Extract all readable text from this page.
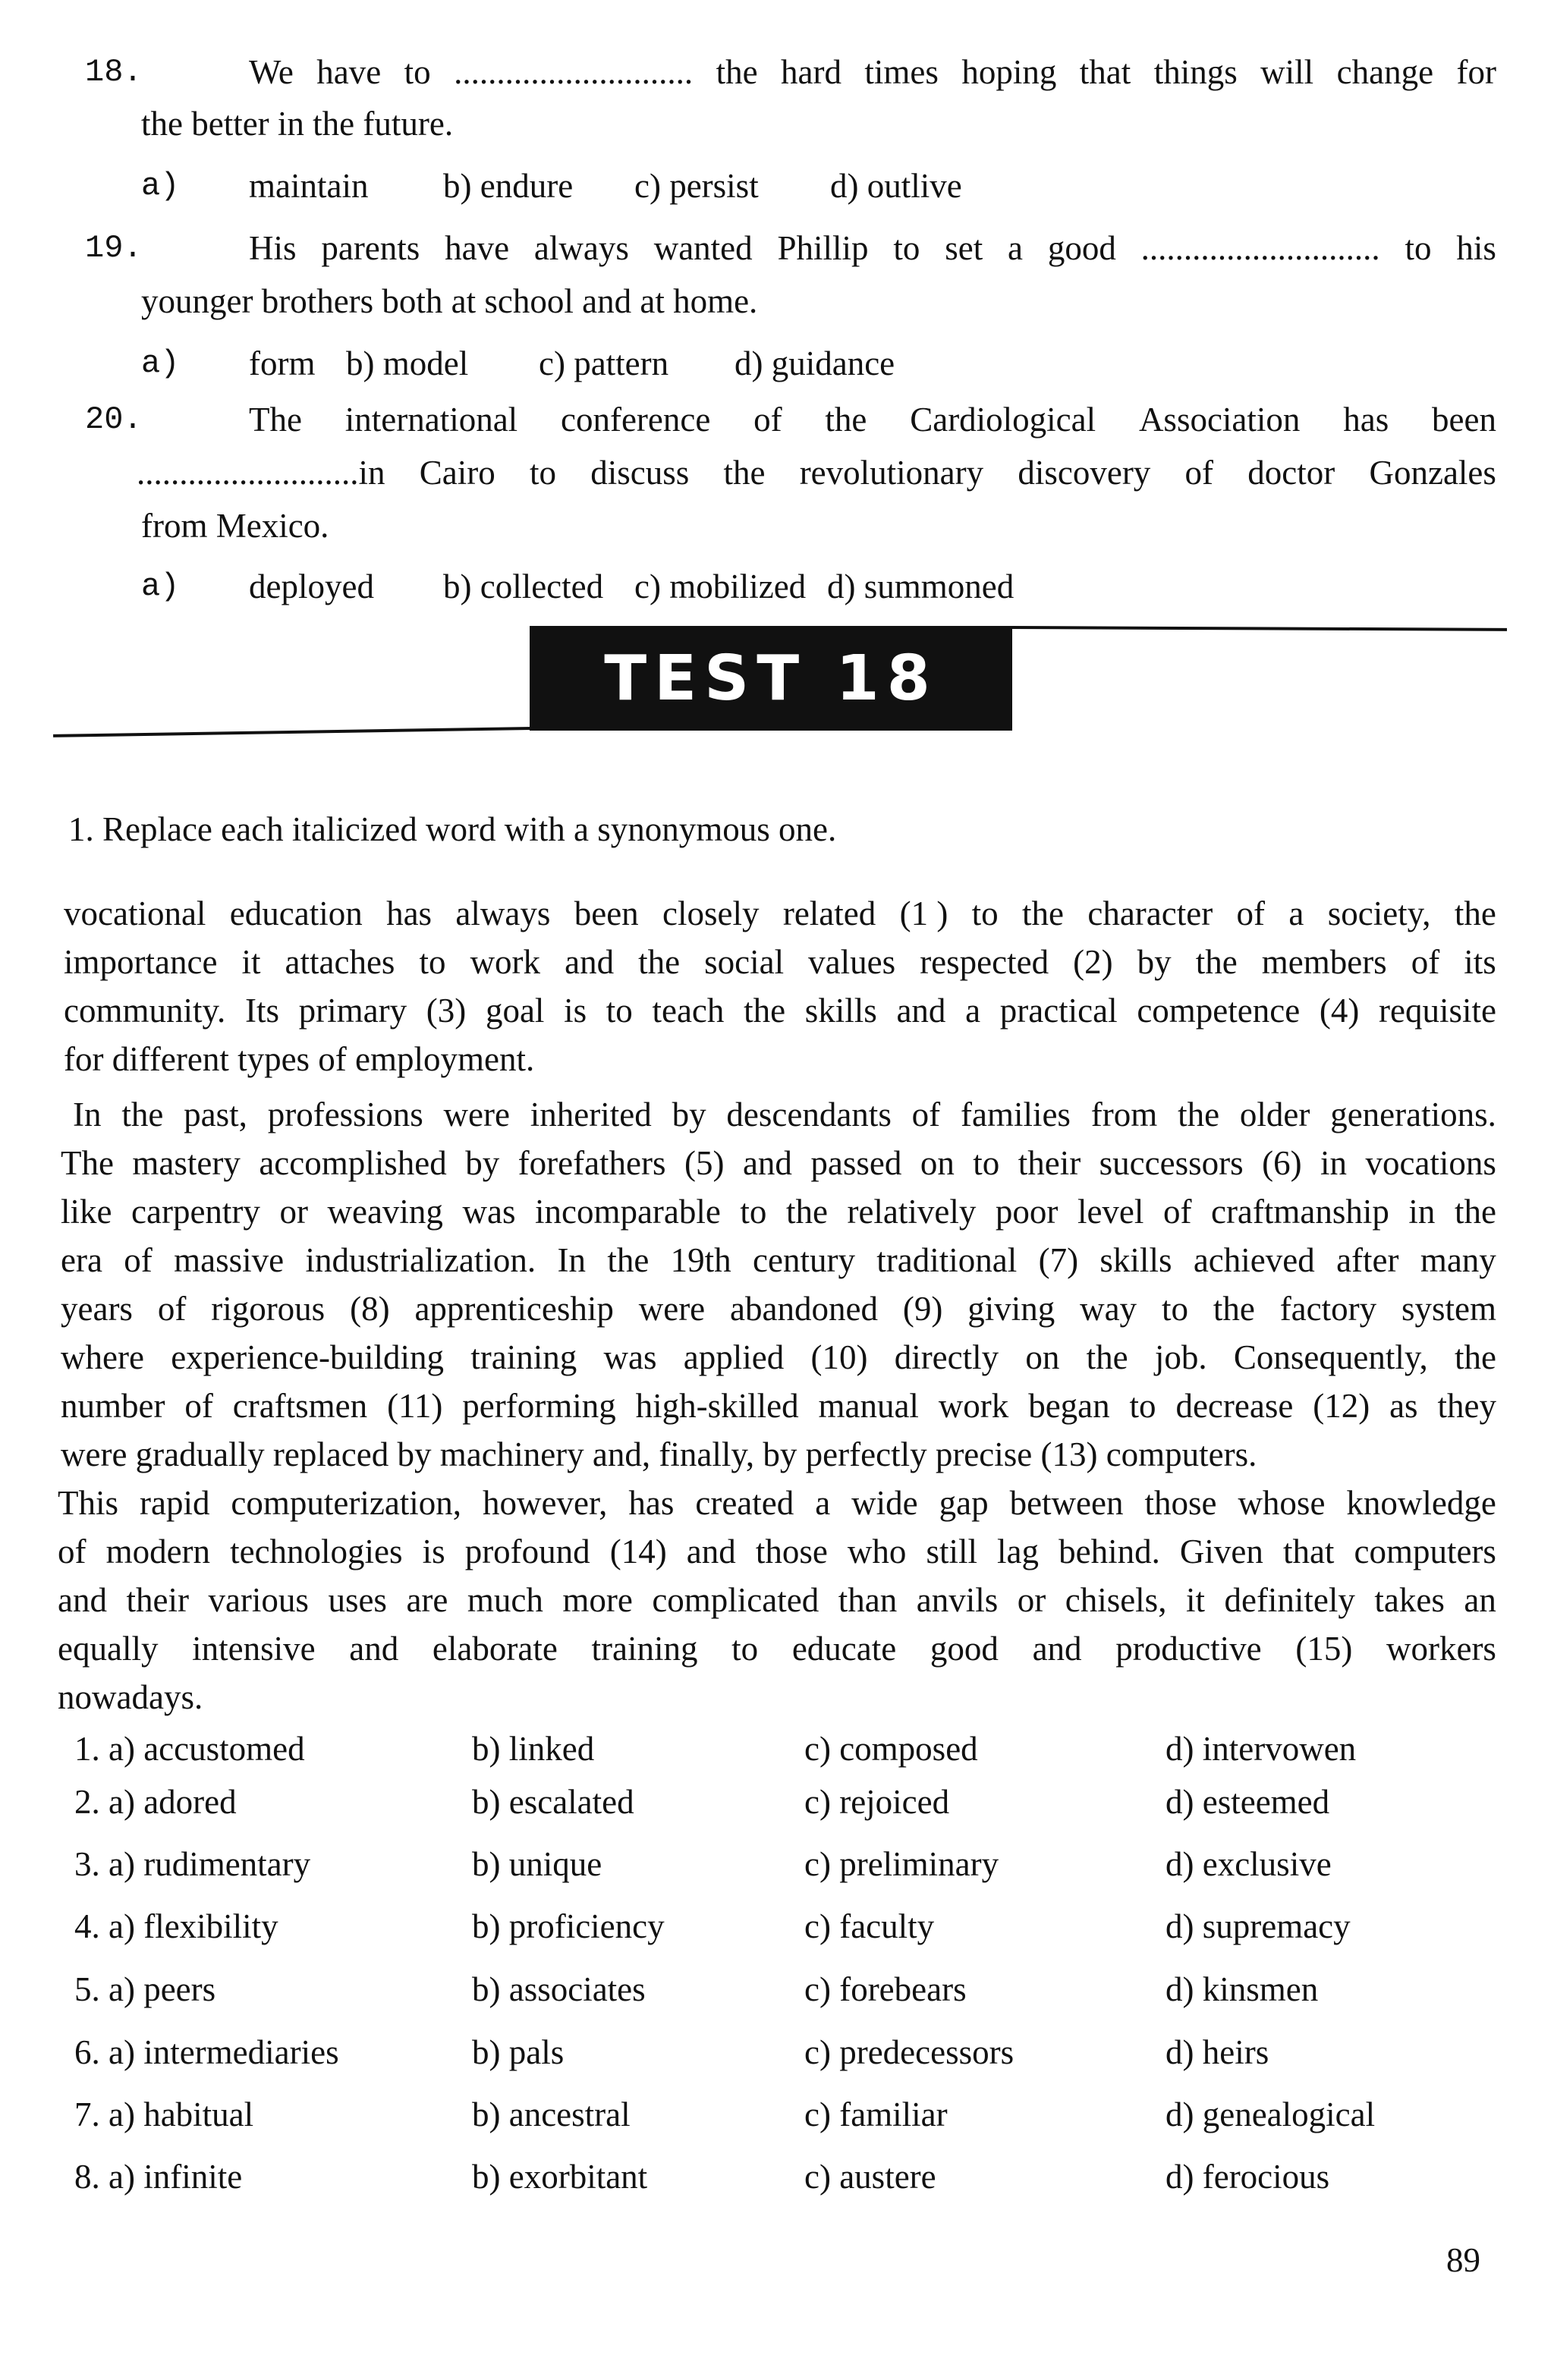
18.	We have to ............................ the hard times hoping that things will change for
the better in the future.
a) maintain b) endure c) persist d) outlive
19.	His parents have always wanted Phillip to set a good ............................ to his
younger brothers both at school and at home.
a) form b) model c) pattern d) guidance
20.	The international conference of the Cardiological Association has been
..........................in Cairo to discuss the revolutionary discovery of doctor Gonzales
from Mexico.
a) deployed b) collected c) mobilized d) summoned
TEST 18
1. Replace each italicized word with a synonymous one.
vocational education has always been closely related (1 ) to the character of a society, the
importance it attaches to work and the social values respected (2) by the members of its
community. Its primary (3) goal is to teach the skills and a practical competence (4) requisite
for different types of employment.
In the past, professions were inherited by descendants of families from the older generations.
The mastery accomplished by forefathers (5) and passed on to their successors (6) in vocations
like carpentry or weaving was incomparable to the relatively poor level of craftmanship in the
era of massive industrialization. In the 19th century traditional (7) skills achieved after many
years of rigorous (8) apprenticeship were abandoned (9) giving way to the factory system
where experience-building training was applied (10) directly on the job. Consequently, the
number of craftsmen (11) performing high-skilled manual work began to decrease (12) as they
were gradually replaced by machinery and, finally, by perfectly precise (13) computers.
This rapid computerization, however, has created a wide gap between those whose knowledge
of modern technologies is profound (14) and those who still lag behind. Given that computers
and their various uses are much more complicated than anvils or chisels, it definitely takes an
equally intensive and elaborate training to educate good and productive (15) workers
nowadays.
1. a) accustomed	b) linked	c) composed	d) intervowen
2. a) adored	b) escalated	c) rejoiced	d) esteemed
3. a) rudimentary	b) unique	c) preliminary	d) exclusive
4. a) flexibility	b) proficiency	c) faculty	d) supremacy
5. a) peers	b) associates	c) forebears	d) kinsmen
6. a) intermediaries	b) pals	c) predecessors	d) heirs
7. a) habitual	b) ancestral	c) familiar	d) genealogical
8. a) infinite	b) exorbitant	c) austere	d) ferocious
89
